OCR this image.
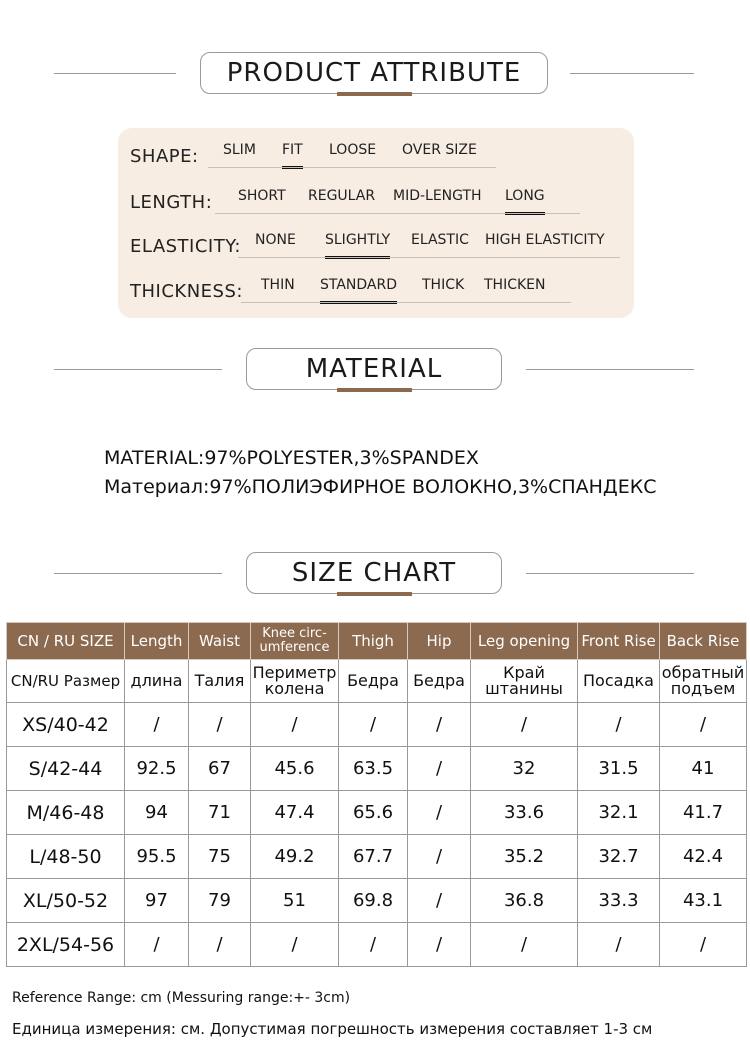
PRODUCT ATTRIBUTE
SHAPE: SLIM FIT LOOSE OVER SIZE
LENGTH: SHORT REGULAR MID-LENGTH LONG
ELASTICITY: NONE SLIGHTLY ELASTIC HIGH ELASTICITY
THICKNESS: THIN STANDARD THICK THICKEN
MATERIAL
MATERIAL:97%POLYESTER,3%SPANDEX
Материал:97%ПОЛИЭФИРНОЕ ВОЛОКНО,3%СПАНДЕКС
SIZE CHART
CN / RU SIZE	Length	Waist	Knee circ-umference	Thigh	Hip	Leg opening	Front Rise	Back Rise
CN/RU Размер	длина	Талия	Периметр колена	Бедра	Бедра	Край штанины	Посадка	обратный подъем
XS/40-42	/	/	/	/	/	/	/	/
S/42-44	92.5	67	45.6	63.5	/	32	31.5	41
M/46-48	94	71	47.4	65.6	/	33.6	32.1	41.7
L/48-50	95.5	75	49.2	67.7	/	35.2	32.7	42.4
XL/50-52	97	79	51	69.8	/	36.8	33.3	43.1
2XL/54-56	/	/	/	/	/	/	/	/
Reference Range: cm (Messuring range:+- 3cm)
Единица измерения: см. Допустимая погрешность измерения составляет 1-3 см
